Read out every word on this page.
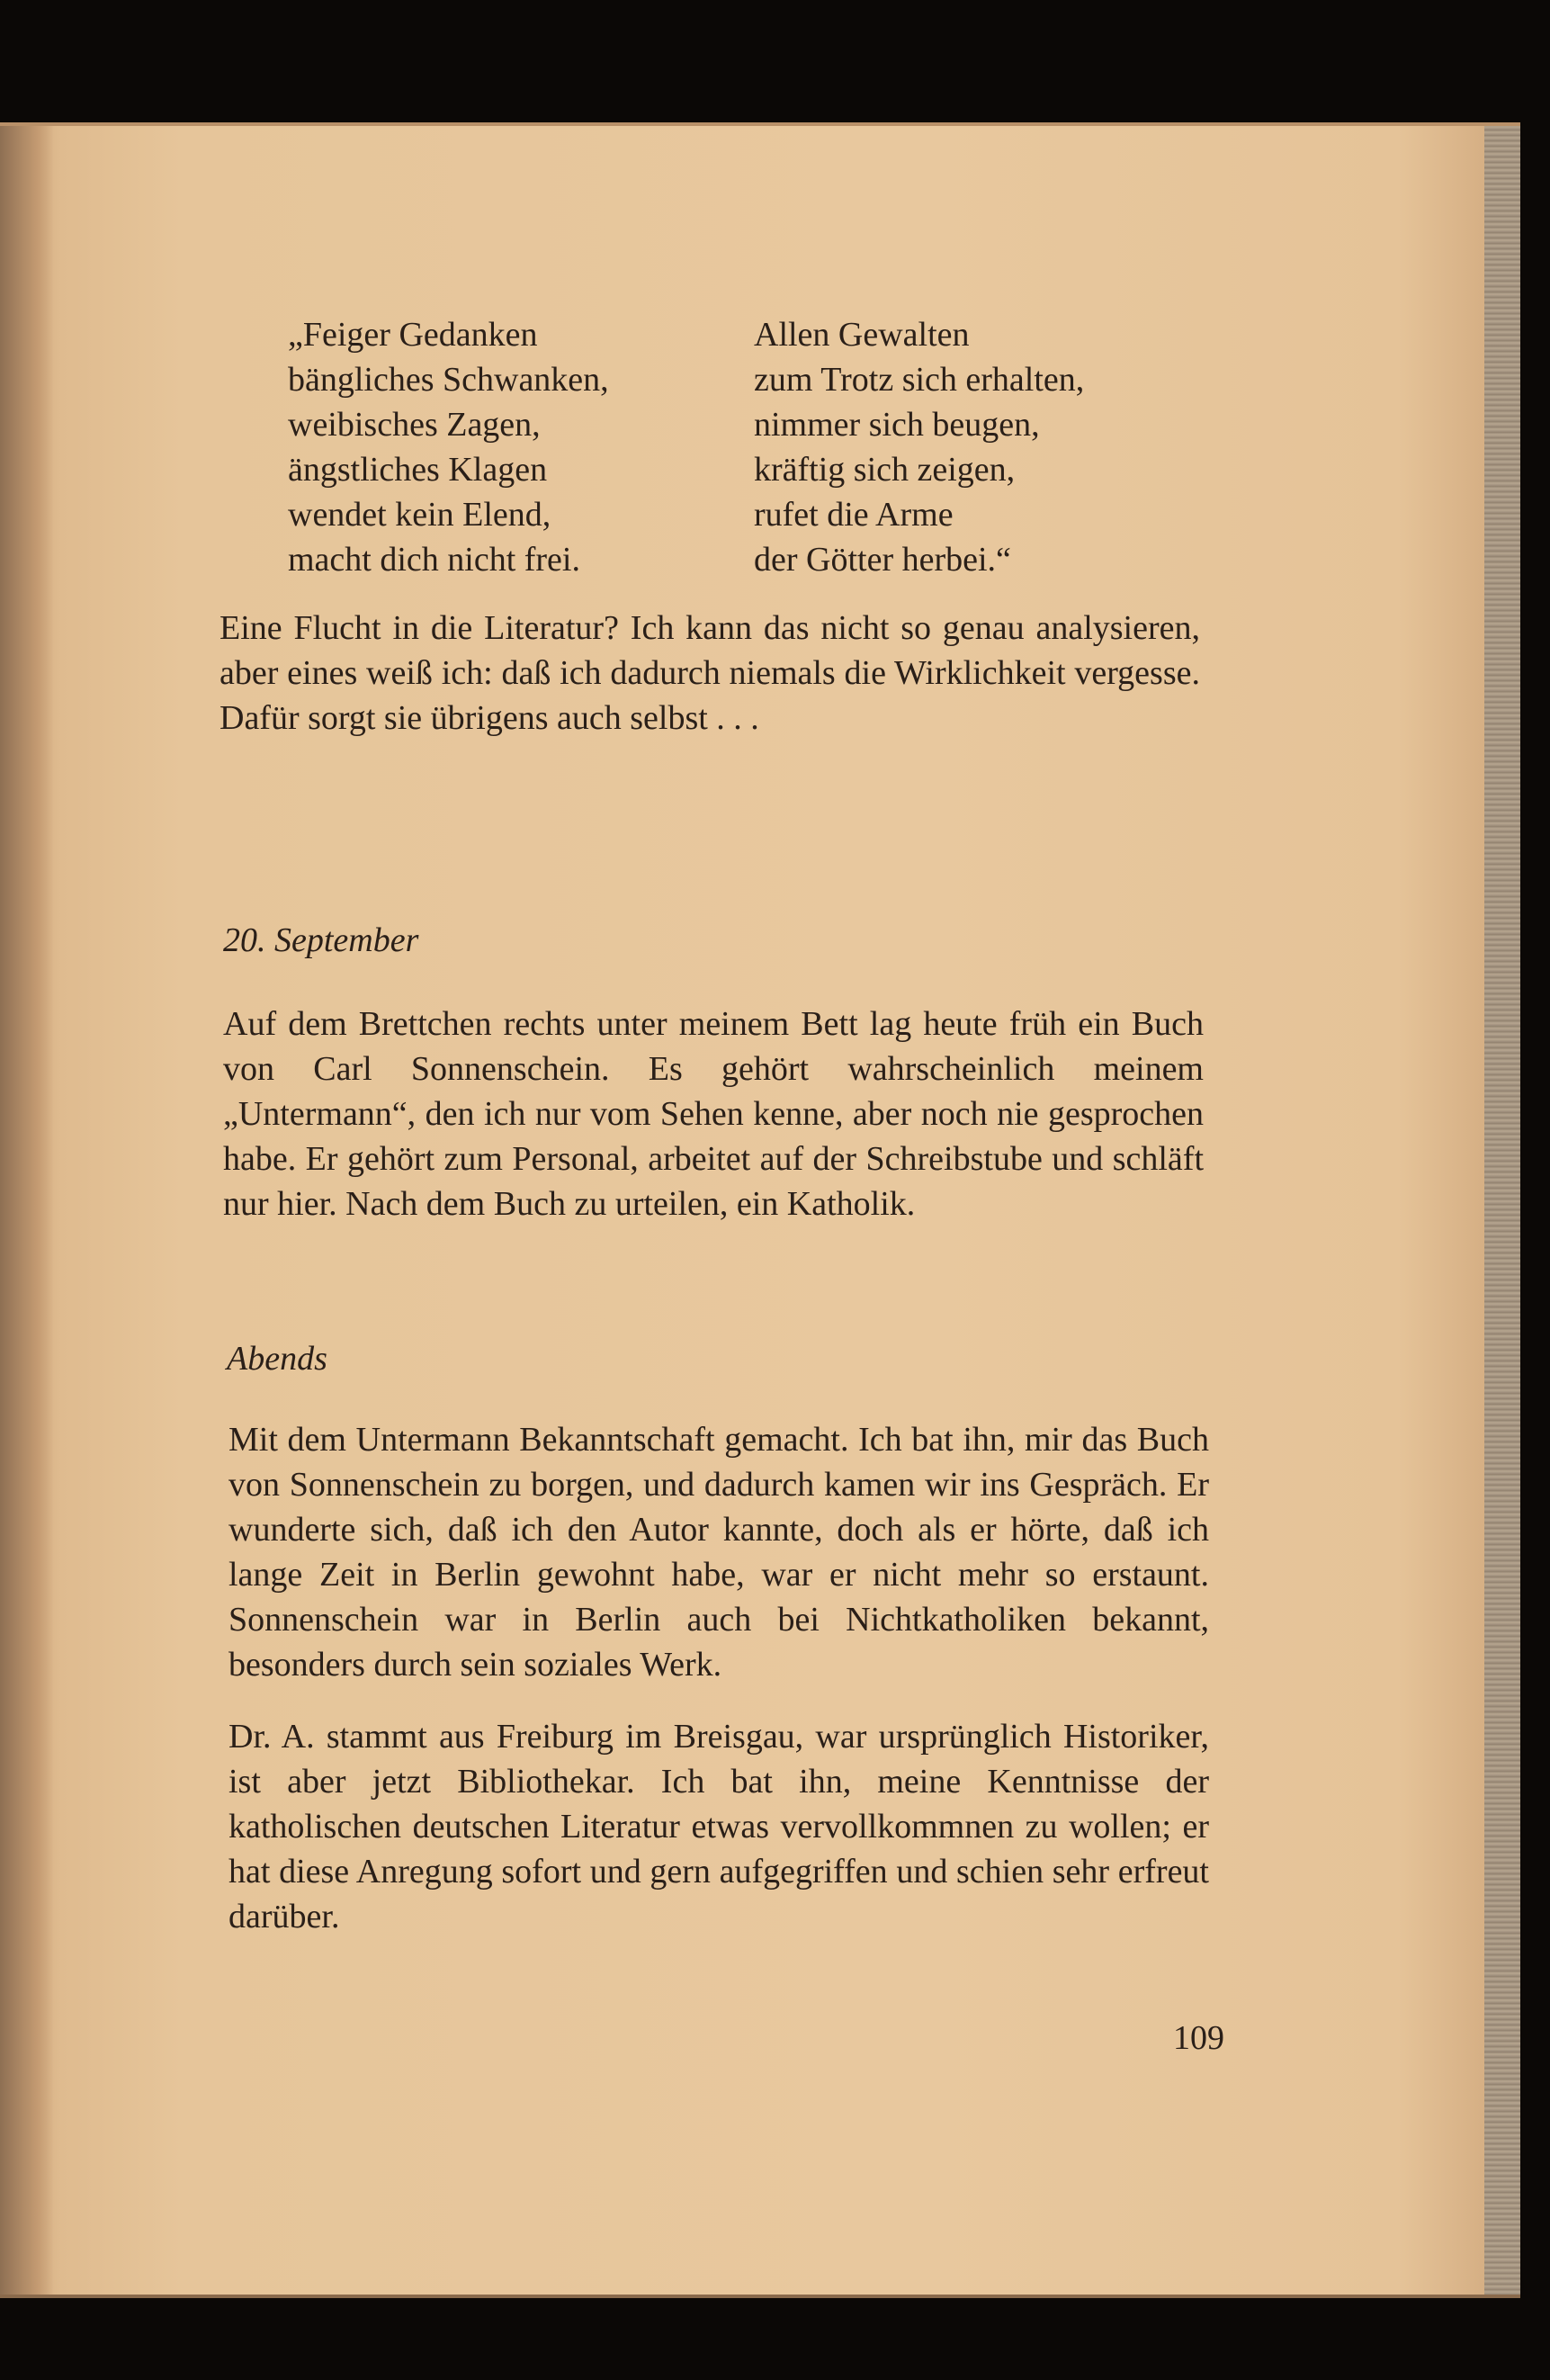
„Feiger Gedanken
bängliches Schwanken,
weibisches Zagen,
ängstliches Klagen
wendet kein Elend,
macht dich nicht frei.
Allen Gewalten
zum Trotz sich erhalten,
nimmer sich beugen,
kräftig sich zeigen,
rufet die Arme
der Götter herbei.“

Eine Flucht in die Literatur? Ich kann das nicht so genau analysieren, aber eines weiß ich: daß ich dadurch niemals die Wirklichkeit vergesse. Dafür sorgt sie übrigens auch selbst . . .

20. September

Auf dem Brettchen rechts unter meinem Bett lag heute früh ein Buch von Carl Sonnenschein. Es gehört wahrscheinlich meinem „Untermann“, den ich nur vom Sehen kenne, aber noch nie gesprochen habe. Er gehört zum Personal, arbeitet auf der Schreibstube und schläft nur hier. Nach dem Buch zu urteilen, ein Katholik.

Abends

Mit dem Untermann Bekanntschaft gemacht. Ich bat ihn, mir das Buch von Sonnenschein zu borgen, und dadurch kamen wir ins Gespräch. Er wunderte sich, daß ich den Autor kannte, doch als er hörte, daß ich lange Zeit in Berlin gewohnt habe, war er nicht mehr so erstaunt. Sonnenschein war in Berlin auch bei Nichtkatholiken bekannt, besonders durch sein soziales Werk.

Dr. A. stammt aus Freiburg im Breisgau, war ursprünglich Historiker, ist aber jetzt Bibliothekar. Ich bat ihn, meine Kenntnisse der katholischen deutschen Literatur etwas vervollkommnen zu wollen; er hat diese Anregung sofort und gern aufgegriffen und schien sehr erfreut darüber.

109
